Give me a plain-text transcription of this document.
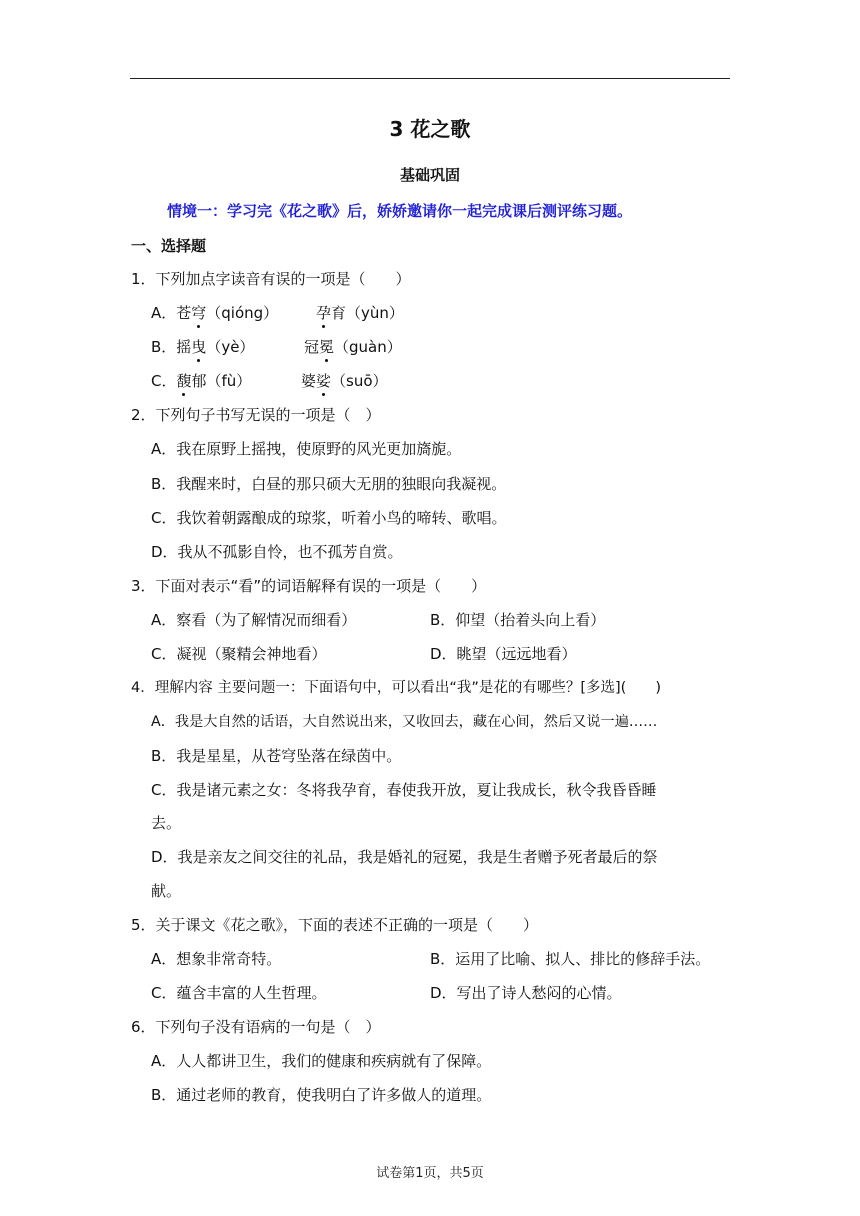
3 花之歌
基础巩固
情境一：学习完《花之歌》后，娇娇邀请你一起完成课后测评练习题。
一、选择题
1．下列加点字读音有误的一项是（　　）
A．苍穹（qióng）	孕育（yùn）
B．摇曳（yè）	冠冕（guàn）
C．馥郁（fù）	婆娑（suō）
2．下列句子书写无误的一项是（　）
A．我在原野上摇拽，使原野的风光更加旖旎。
B．我醒来时，白昼的那只硕大无朋的独眼向我凝视。
C．我饮着朝露酿成的琼浆，听着小鸟的啼转、歌唱。
D．我从不孤影自怜，也不孤芳自赏。
3．下面对表示“看”的词语解释有误的一项是（　　）
A．察看（为了解情况而细看）	B．仰望（抬着头向上看）
C．凝视（聚精会神地看）	D．眺望（远远地看）
4．理解内容 主要问题一：下面语句中，可以看出“我”是花的有哪些？[多选](　　)
A．我是大自然的话语，大自然说出来，又收回去，藏在心间，然后又说一遍……
B．我是星星，从苍穹坠落在绿茵中。
C．我是诸元素之女：冬将我孕育，春使我开放，夏让我成长，秋令我昏昏睡
去。
D．我是亲友之间交往的礼品，我是婚礼的冠冕，我是生者赠予死者最后的祭
献。
5．关于课文《花之歌》，下面的表述不正确的一项是（　　）
A．想象非常奇特。	B．运用了比喻、拟人、排比的修辞手法。
C．蕴含丰富的人生哲理。	D．写出了诗人愁闷的心情。
6．下列句子没有语病的一句是（　）
A．人人都讲卫生，我们的健康和疾病就有了保障。
B．通过老师的教育，使我明白了许多做人的道理。
试卷第1页，共5页
